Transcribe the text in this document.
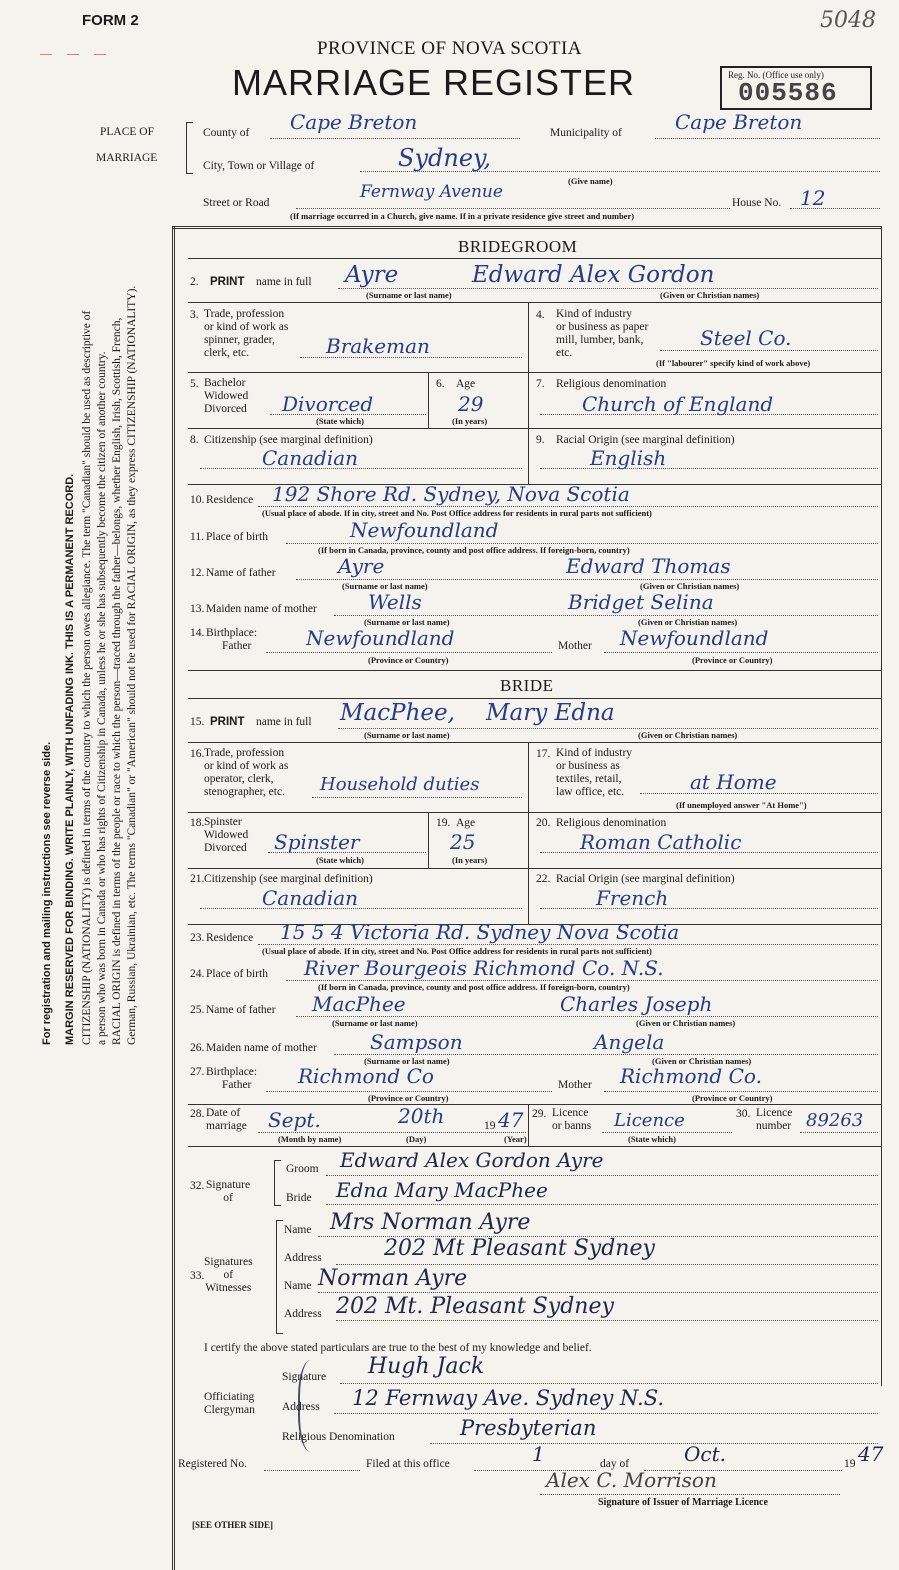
FORM 2	5048
— — —	PROVINCE OF NOVA SCOTIA
MARRIAGE REGISTER	Reg. No. (Office use only)
005586
PLACE OF
MARRIAGE
County of Cape Breton	Municipality of	Cape Breton
City, Town or Village of	Sydney,
(Give name)
Street or Road
Fernway Avenue
House No. 12
(If marriage occurred in a Church, give name. If in a private residence give street and number)
For registration and mailing instructions see reverse side. MARGIN RESERVED FOR BINDING. WRITE PLAINLY, WITH UNFADING INK. THIS IS A PERMANENT RECORD. CITIZENSHIP (NATIONALITY) is defined in terms of the country to which the person owes allegiance. The term "Canadian" should be used as descriptive of a person who was born in Canada or who has rights of Citizenship in Canada, unless he or she has subsequently become the citizen of another country. RACIAL ORIGIN is defined in terms of the people or race to which the person—traced through the father—belongs, whether English, Irish, Scottish, French, German, Russian, Ukrainian, etc. The terms "Canadian" or "American" should not be used for RACIAL ORIGIN, as they express CITIZENSHIP (NATIONALITY).
BRIDEGROOM
2. PRINT name in full Ayre	Edward Alex Gordon
(Surname or last name)	(Given or Christian names)
3. Trade, profession
or kind of work as
spinner, grader,
clerk, etc.	Brakeman
4. Kind of industry
or business as paper
mill, lumber, bank,
etc.
Steel Co.
(If "labourer" specify kind of work above)
5. Bachelor
Widowed
Divorced Divorced
(State which)
6. Age
29
(In years)
7. Religious denomination
Church of England
8. Citizenship (see marginal definition)
Canadian
9. Racial Origin (see marginal definition)
English
10. Residence 192 Shore Rd. Sydney, Nova Scotia
(Usual place of abode. If in city, street and No. Post Office address for residents in rural parts not sufficient)
11. Place of birth	Newfoundland
(If born in Canada, province, county and post office address. If foreign-born, country)
12. Name of father	Ayre	Edward Thomas
(Surname or last name)	(Given or Christian names)
13. Maiden name of mother	Wells	Bridget Selina
(Surname or last name)	(Given or Christian names)
14. Birthplace:
Father	Newfoundland
(Province or Country)
Mother Newfoundland
(Province or Country)
BRIDE
15. PRINT name in full MacPhee, Mary Edna
(Surname or last name)	(Given or Christian names)
16. Trade, profession
or kind of work as
operator, clerk,
stenographer, etc. Household duties
17. Kind of industry
or business as
textiles, retail,
law office, etc.	at Home
(If unemployed answer "At Home")
18. Spinster
Widowed
Divorced Spinster
(State which)
19. Age
25
(In years)
20. Religious denomination
Roman Catholic
21. Citizenship (see marginal definition)
Canadian
22. Racial Origin (see marginal definition)
French
23. Residence 15 5 4 Victoria Rd. Sydney Nova Scotia
(Usual place of abode. If in city, street and No. Post Office address for residents in rural parts not sufficient)
24. Place of birth River Bourgeois Richmond Co. N.S.
(If born in Canada, province, county and post office address. If foreign-born, country)
25. Name of father MacPhee	Charles Joseph
(Surname or last name)	(Given or Christian names)
26. Maiden name of mother	Sampson	Angela
(Surname or last name)	(Given or Christian names)
27. Birthplace:
Father Richmond Co
(Province or Country)
Mother Richmond Co.
(Province or Country)
28. Date of
marriage Sept.	20th	19 47
(Month by name)	(Day)	(Year)
29. Licence
or banns Licence
(State which)
30. Licence
number 89263
32. Signature
of
Groom Edward Alex Gordon Ayre
Bride Edna Mary MacPhee
33.
Signatures
of
Witnesses
Name Mrs Norman Ayre
Address	202 Mt Pleasant Sydney
Name Norman Ayre
Address 202 Mt. Pleasant Sydney
I certify the above stated particulars are true to the best of my knowledge and belief.
Officiating
Clergyman
Signature Hugh Jack
Address 12 Fernway Ave. Sydney N.S.
Religious Denomination	Presbyterian
Registered No.	Filed at this office	1	day of	Oct.	19 47
Alex C. Morrison
Signature of Issuer of Marriage Licence
[SEE OTHER SIDE]
